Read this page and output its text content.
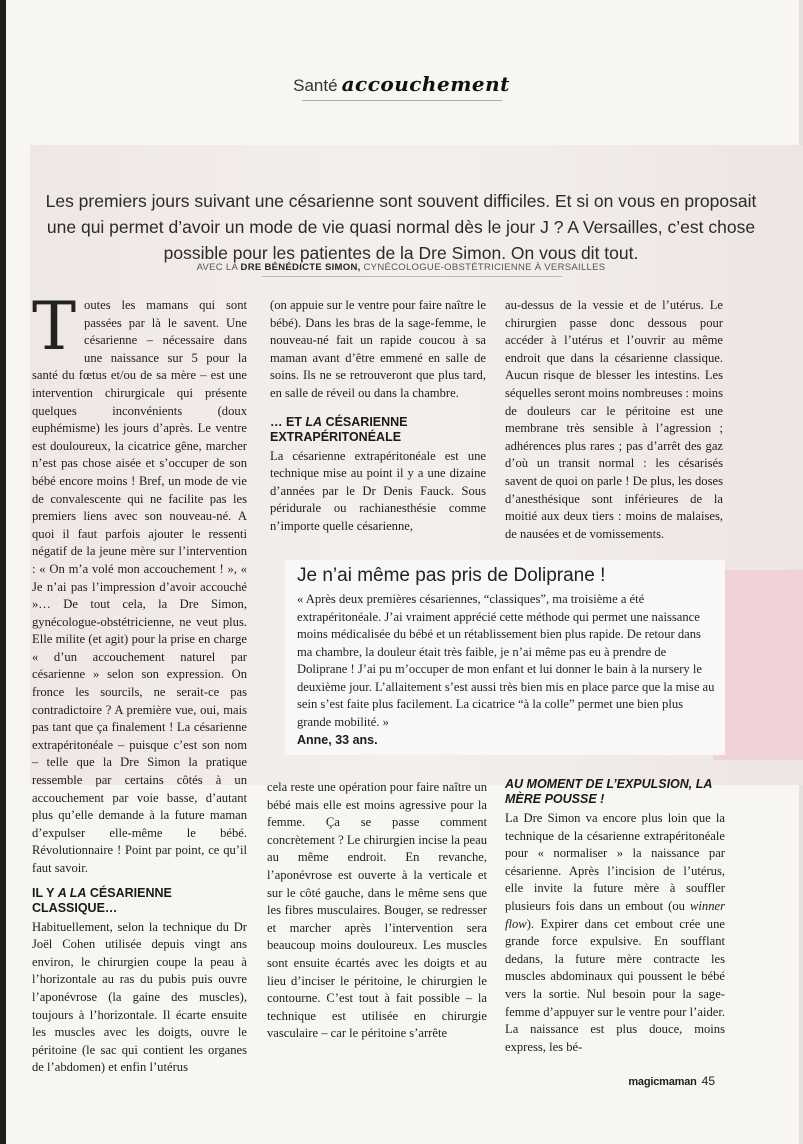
Santé accouchement
Les premiers jours suivant une césarienne sont souvent difficiles. Et si on vous en proposait une qui permet d’avoir un mode de vie quasi normal dès le jour J ? A Versailles, c’est chose possible pour les patientes de la Dre Simon. On vous dit tout.
AVEC LA DRE BÉNÉDICTE SIMON, CYNÉCOLOGUE-OBSTÉTRICIENNE À VERSAILLES
T outes les mamans qui sont passées par là le savent. Une césarienne – nécessaire dans une naissance sur 5 pour la santé du fœtus et/ou de sa mère – est une intervention chirurgicale qui présente quelques inconvénients (doux euphémisme) les jours d’après. Le ventre est douloureux, la cicatrice gêne, marcher n’est pas chose aisée et s’occuper de son bébé encore moins ! Bref, un mode de vie de convalescente qui ne facilite pas les premiers liens avec son nouveau-né. A quoi il faut parfois ajouter le ressenti négatif de la jeune mère sur l’intervention : « On m’a volé mon accouchement ! », « Je n’ai pas l’impression d’avoir accouché »… De tout cela, la Dre Simon, gynécologue-obstétricienne, ne veut plus. Elle milite (et agit) pour la prise en charge « d’un accouchement naturel par césarienne » selon son expression. On fronce les sourcils, ne serait-ce pas contradictoire ? A première vue, oui, mais pas tant que ça finalement ! La césarienne extrapéritonéale – puisque c’est son nom – telle que la Dre Simon la pratique ressemble par certains côtés à un accouchement par voie basse, d’autant plus qu’elle demande à la future maman d’expulser elle-même le bébé. Révolutionnaire ! Point par point, ce qu’il faut savoir.

IL Y A LA CÉSARIENNE CLASSIQUE…

Habituellement, selon la technique du Dr Joël Cohen utilisée depuis vingt ans environ, le chirurgien coupe la peau à l’horizontale au ras du pubis puis ouvre l’aponévrose (la gaine des muscles), toujours à l’horizontale. Il écarte ensuite les muscles avec les doigts, ouvre le péritoine (le sac qui contient les organes de l’abdomen) et enfin l’utérus

(on appuie sur le ventre pour faire naître le bébé). Dans les bras de la sage-femme, le nouveau-né fait un rapide coucou à sa maman avant d’être emmené en salle de soins. Ils ne se retrouveront que plus tard, en salle de réveil ou dans la chambre.

… ET LA CÉSARIENNE EXTRAPÉRITONÉALE

La césarienne extrapéritonéale est une technique mise au point il y a une dizaine d’années par le Dr Denis Fauck. Sous péridurale ou rachianesthésie comme n’importe quelle césarienne,

au-dessus de la vessie et de l’utérus. Le chirurgien passe donc dessous pour accéder à l’utérus et l’ouvrir au même endroit que dans la césarienne classique. Aucun risque de blesser les intestins. Les séquelles seront moins nombreuses : moins de douleurs car le péritoine est une membrane très sensible à l’agression ; adhérences plus rares ; pas d’arrêt des gaz d’où un transit normal : les césarisés savent de quoi on parle ! De plus, les doses d’anesthésique sont inférieures de la moitié aux deux tiers : moins de malaises, de nausées et de vomissements.

Je n’ai même pas pris de Doliprane !
« Après deux premières césariennes, “classiques”, ma troisième a été extrapéritonéale. J’ai vraiment apprécié cette méthode qui permet une naissance moins médicalisée du bébé et un rétablissement bien plus rapide. De retour dans ma chambre, la douleur était très faible, je n’ai même pas eu à prendre de Doliprane ! J’ai pu m’occuper de mon enfant et lui donner le bain à la nursery le deuxième jour. L’allaitement s’est aussi très bien mis en place parce que la mise au sein s’est faite plus facilement. La cicatrice “à la colle” permet une bien plus grande mobilité. »
Anne, 33 ans.

cela reste une opération pour faire naître un bébé mais elle est moins agressive pour la femme. Ça se passe comment concrètement ? Le chirurgien incise la peau au même endroit. En revanche, l’aponévrose est ouverte à la verticale et sur le côté gauche, dans le même sens que les fibres musculaires. Bouger, se redresser et marcher après l’intervention sera beaucoup moins douloureux. Les muscles sont ensuite écartés avec les doigts et au lieu d’inciser le péritoine, le chirurgien le contourne. C’est tout à fait possible – la technique est utilisée en chirurgie vasculaire – car le péritoine s’arrête

AU MOMENT DE L’EXPULSION, LA MÈRE POUSSE !

La Dre Simon va encore plus loin que la technique de la césarienne extrapéritonéale pour « normaliser » la naissance par césarienne. Après l’incision de l’utérus, elle invite la future mère à souffler plusieurs fois dans un embout (ou winner flow). Expirer dans cet embout crée une grande force expulsive. En soufflant dedans, la future mère contracte les muscles abdominaux qui poussent le bébé vers la sortie. Nul besoin pour la sage-femme d’appuyer sur le ventre pour l’aider. La naissance est plus douce, moins express, les bé-

magicmaman 45
